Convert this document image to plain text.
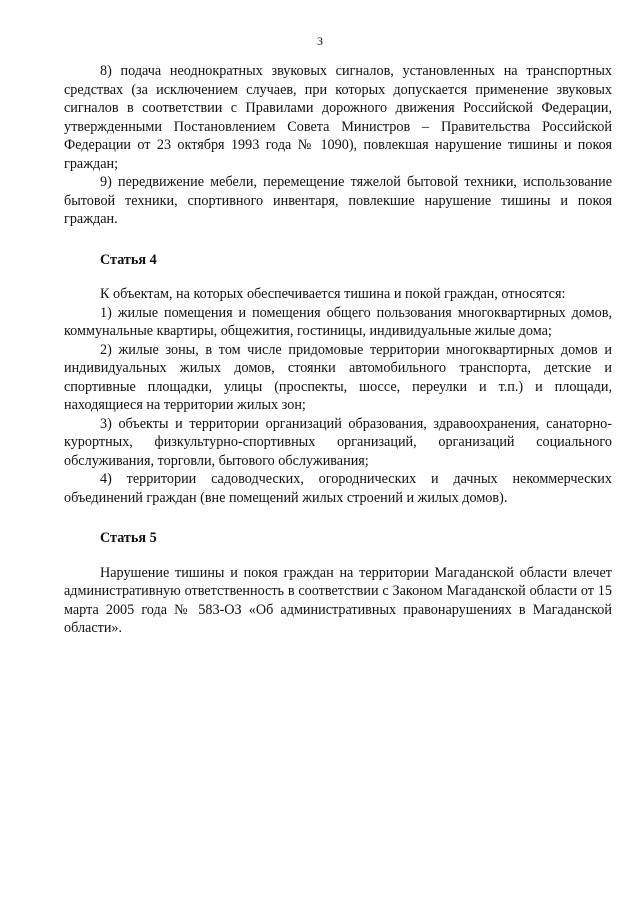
3

8) подача неоднократных звуковых сигналов, установленных на транспортных средствах (за исключением случаев, при которых допускается применение звуковых сигналов в соответствии с Правилами дорожного движения Российской Федерации, утвержденными Постановлением Совета Министров – Правительства Российской Федерации от 23 октября 1993 года № 1090), повлекшая нарушение тишины и покоя граждан;

9) передвижение мебели, перемещение тяжелой бытовой техники, использование бытовой техники, спортивного инвентаря, повлекшие нарушение тишины и покоя граждан.

Статья 4

К объектам, на которых обеспечивается тишина и покой граждан, относятся:

1) жилые помещения и помещения общего пользования многоквартирных домов, коммунальные квартиры, общежития, гостиницы, индивидуальные жилые дома;

2) жилые зоны, в том числе придомовые территории многоквартирных домов и индивидуальных жилых домов, стоянки автомобильного транспорта, детские и спортивные площадки, улицы (проспекты, шоссе, переулки и т.п.) и площади, находящиеся на территории жилых зон;

3) объекты и территории организаций образования, здравоохранения, санаторно-курортных, физкультурно-спортивных организаций, организаций социального обслуживания, торговли, бытового обслуживания;

4) территории садоводческих, огороднических и дачных некоммерческих объединений граждан (вне помещений жилых строений и жилых домов).

Статья 5

Нарушение тишины и покоя граждан на территории Магаданской области влечет административную ответственность в соответствии с Законом Магаданской области от 15 марта 2005 года № 583-ОЗ «Об административных правонарушениях в Магаданской области».
